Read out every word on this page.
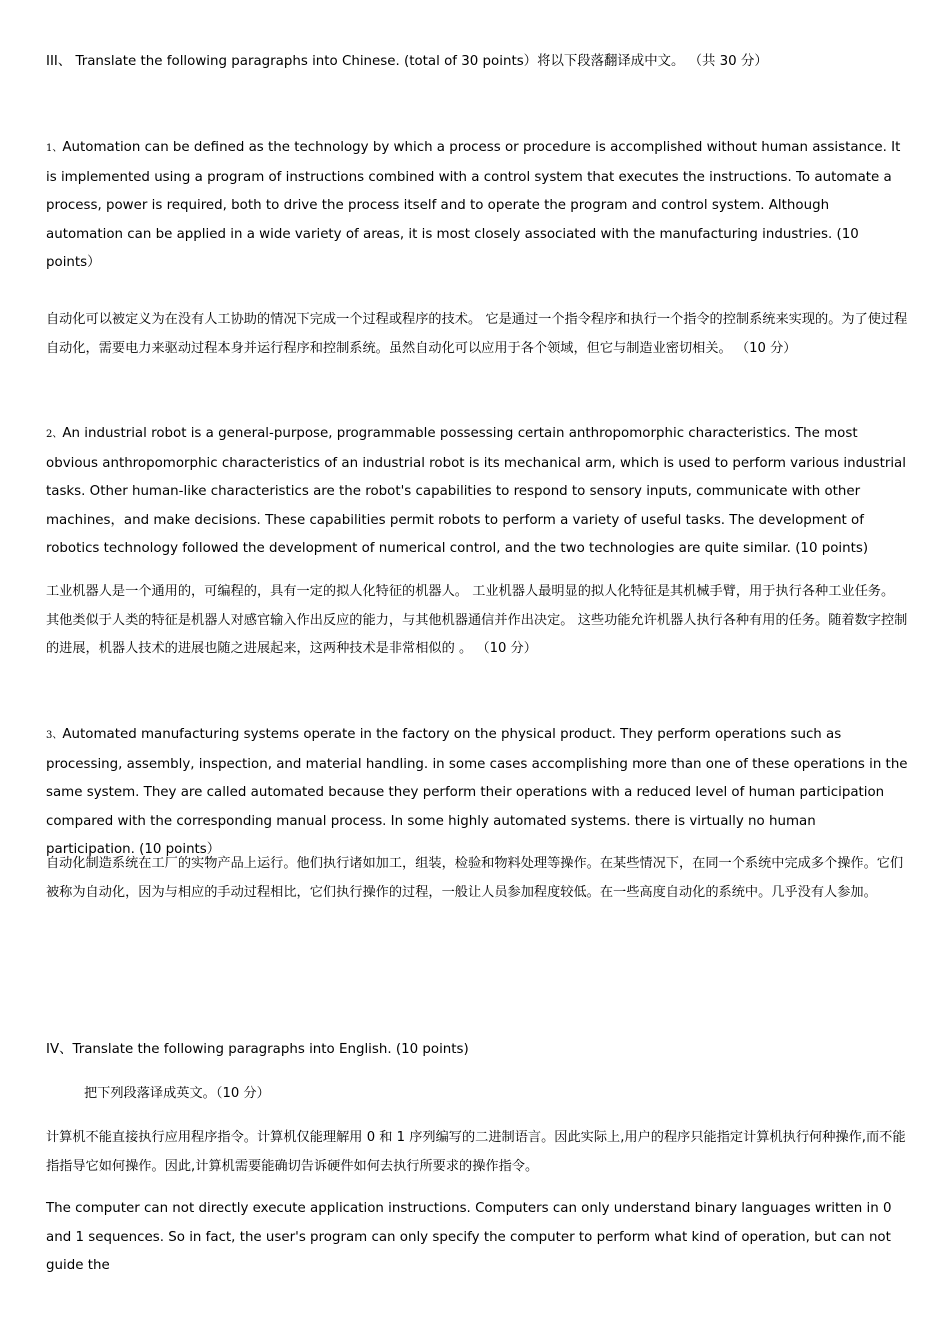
III、 Translate the following paragraphs into Chinese. (total of 30 points）将以下段落翻译成中文。 （共 30 分）

1、Automation can be defined as the technology by which a process or procedure is accomplished without human assistance. It is implemented using a program of instructions combined with a control system that executes the instructions. To automate a process, power is required, both to drive the process itself and to operate the program and control system. Although automation can be applied in a wide variety of areas, it is most closely associated with the manufacturing industries. (10 points）

自动化可以被定义为在没有人工协助的情况下完成一个过程或程序的技术。 它是通过一个指令程序和执行一个指令的控制系统来实现的。为了使过程自动化，需要电力来驱动过程本身并运行程序和控制系统。虽然自动化可以应用于各个领域，但它与制造业密切相关。 （10 分）

2、An industrial robot is a general-purpose, programmable possessing certain anthropomorphic characteristics. The most obvious anthropomorphic characteristics of an industrial robot is its mechanical arm, which is used to perform various industrial tasks. Other human-like characteristics are the robot's capabilities to respond to sensory inputs, communicate with other machines，and make decisions. These capabilities permit robots to perform a variety of useful tasks. The development of robotics technology followed the development of numerical control, and the two technologies are quite similar. (10 points)

工业机器人是一个通用的，可编程的，具有一定的拟人化特征的机器人。 工业机器人最明显的拟人化特征是其机械手臂，用于执行各种工业任务。 其他类似于人类的特征是机器人对感官输入作出反应的能力，与其他机器通信并作出决定。 这些功能允许机器人执行各种有用的任务。随着数字控制的进展，机器人技术的进展也随之进展起来，这两种技术是非常相似的 。 （10 分）

3、Automated manufacturing systems operate in the factory on the physical product. They perform operations such as processing, assembly, inspection, and material handling. in some cases accomplishing more than one of these operations in the same system. They are called automated because they perform their operations with a reduced level of human participation compared with the corresponding manual process. In some highly automated systems. there is virtually no human participation. (10 points）

自动化制造系统在工厂的实物产品上运行。他们执行诸如加工，组装，检验和物料处理等操作。在某些情况下，在同一个系统中完成多个操作。它们被称为自动化，因为与相应的手动过程相比，它们执行操作的过程，一般让人员参加程度较低。在一些高度自动化的系统中。几乎没有人参加。

IV、Translate the following paragraphs into English. (10 points)

把下列段落译成英文。（10 分）

计算机不能直接执行应用程序指令。计算机仅能理解用 0 和 1 序列编写的二进制语言。因此实际上,用户的程序只能指定计算机执行何种操作,而不能指指导它如何操作。因此,计算机需要能确切告诉硬件如何去执行所要求的操作指令。

The computer can not directly execute application instructions. Computers can only understand binary languages written in 0 and 1 sequences. So in fact, the user's program can only specify the computer to perform what kind of operation, but can not guide the
